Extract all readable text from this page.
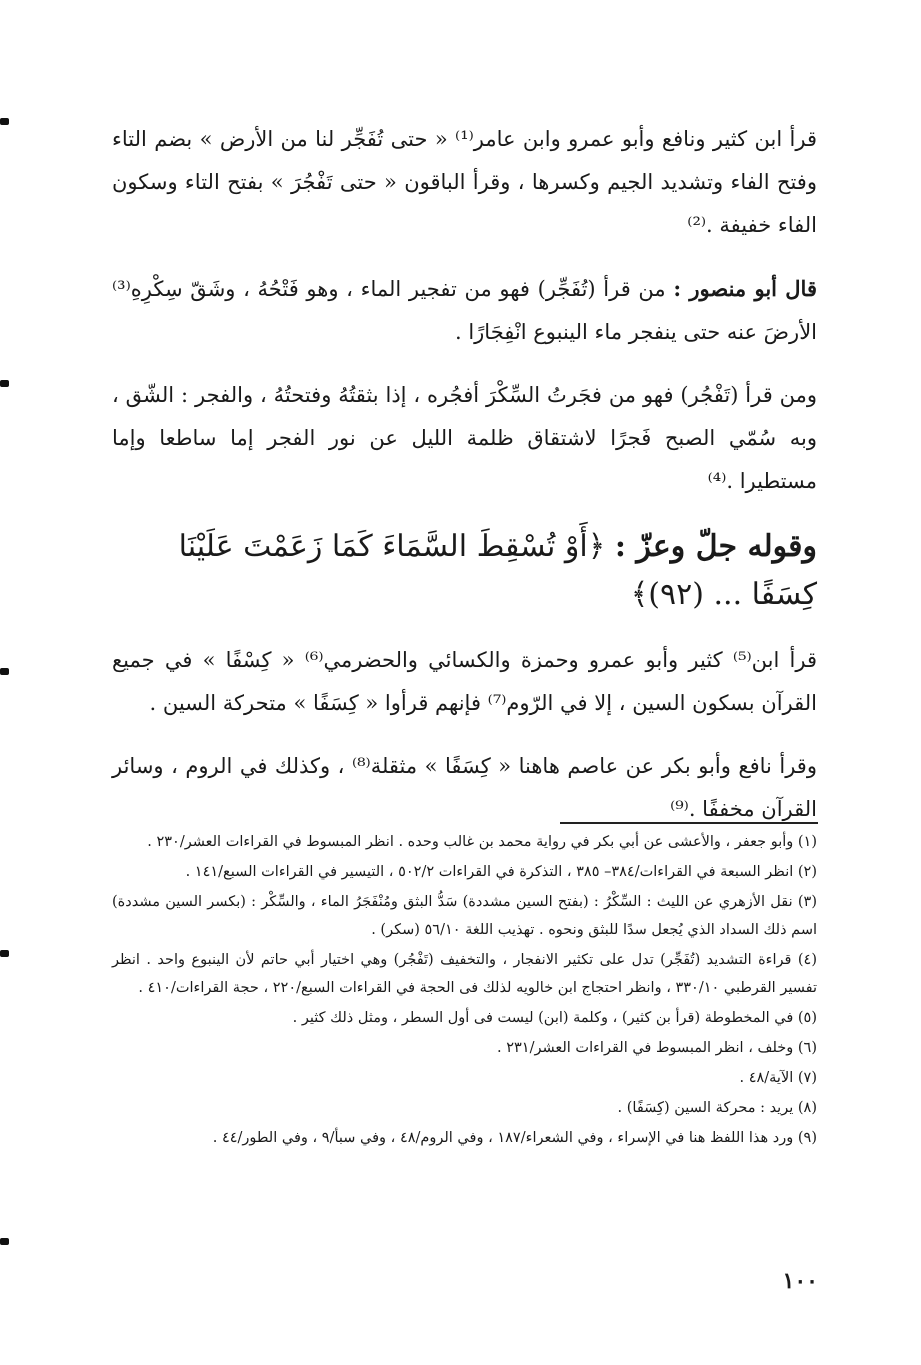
قرأ ابن كثير ونافع وأبو عمرو وابن عامر⁽¹⁾ « حتى تُفَجِّر لنا من الأرض » بضم التاء وفتح الفاء وتشديد الجيم وكسرها ، وقرأ الباقون « حتى تَفْجُرَ » بفتح التاء وسكون الفاء خفيفة .⁽²⁾

قال أبو منصور : من قرأ (تُفَجِّر) فهو من تفجير الماء ، وهو فَتْحُهُ ، وشَقّ سِكْرِهِ⁽³⁾ الأرضَ عنه حتى ينفجر ماء الينبوع انْفِجَارًا .

ومن قرأ (تَفْجُر) فهو من فجَرتُ السِّكْرَ أفجُره ، إذا بثقتُهُ وفتحتُهُ ، والفجر : الشّق ، وبه سُمّي الصبح فَجرًا لاشتقاق ظلمة الليل عن نور الفجر إما ساطعا وإما مستطيرا .⁽⁴⁾

وقوله جلّ وعزّ : ﴿أَوْ تُسْقِطَ السَّمَاءَ كَمَا زَعَمْتَ عَلَيْنَا كِسَفًا ... (٩٢)﴾

قرأ ابن⁽⁵⁾ كثير وأبو عمرو وحمزة والكسائي والحضرمي⁽⁶⁾ « كِسْفًا » في جميع القرآن بسكون السين ، إلا في الرّوم⁽⁷⁾ فإنهم قرأوا « كِسَفًا » متحركة السين .

وقرأ نافع وأبو بكر عن عاصم هاهنا « كِسَفًا » مثقلة⁽⁸⁾ ، وكذلك في الروم ، وسائر القرآن مخففًا .⁽⁹⁾

(١) وأبو جعفر ، والأعشى عن أبي بكر في رواية محمد بن غالب وحده . انظر المبسوط في القراءات العشر/٢٣٠ .

(٢) انظر السبعة في القراءات/٣٨٤– ٣٨٥ ، التذكرة في القراءات ٥٠٢/٢ ، التيسير في القراءات السبع/١٤١ .

(٣) نقل الأزهري عن الليث : السِّكْرُ : (بفتح السين مشددة) سَدُّ البثق ومُنْفَجَرُ الماء ، والسِّكْر : (بكسر السين مشددة) اسم ذلك السداد الذي يُجعل سدًا للبثق ونحوه . تهذيب اللغة ٥٦/١٠ (سكر) .

(٤) قراءة التشديد (تُفَجِّر) تدل على تكثير الانفجار ، والتخفيف (تَفْجُر) وهي اختيار أبي حاتم لأن الينبوع واحد . انظر تفسير القرطبي ٣٣٠/١٠ ، وانظر احتجاج ابن خالويه لذلك فى الحجة في القراءات السبع/٢٢٠ ، حجة القراءات/٤١٠ .

(٥) في المخطوطة (قرأ بن كثير) ، وكلمة (ابن) ليست فى أول السطر ، ومثل ذلك كثير .

(٦) وخلف ، انظر المبسوط في القراءات العشر/٢٣١ .

(٧) الآية/٤٨ .

(٨) يريد : محركة السين (كِسَفًا) .

(٩) ورد هذا اللفظ هنا في الإسراء ، وفي الشعراء/١٨٧ ، وفي الروم/٤٨ ، وفي سبأ/٩ ، وفي الطور/٤٤ .

١٠٠
